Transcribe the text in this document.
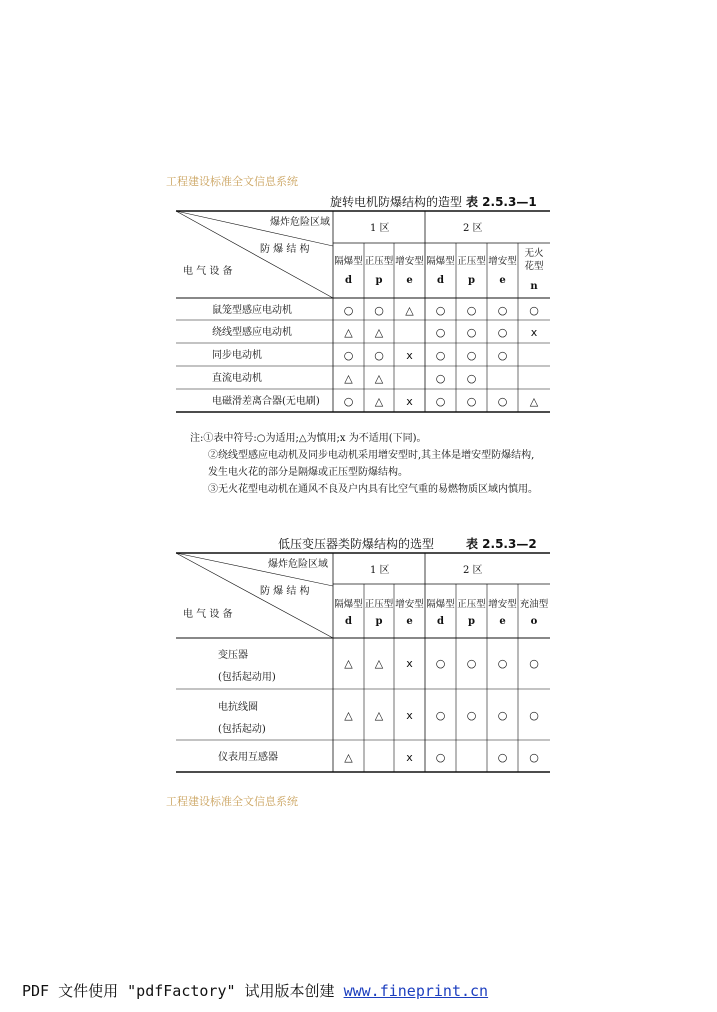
工程建设标准全文信息系统
工程建设标准全文信息系统
旋转电机防爆结构的造型 表 2.5.3—1
爆炸危险区域
防 爆 结 构
电 气 设 备
1 区	2 区
隔爆型 正压型 增安型 隔爆型 正压型 增安型
无火花型
d p e d p e
n
鼠笼型感应电动机	○ ○ △ ○ ○ ○ ○
绕线型感应电动机	△ △	○ ○ ○ x
同步电动机	○ ○ x ○ ○ ○
直流电动机	△ △	○ ○
电磁滑差离合器(无电刷) ○ △ x ○ ○ ○ △
注:①表中符号:○为适用;△为慎用;x 为不适用(下同)。
②绕线型感应电动机及同步电动机采用增安型时,其主体是增安型防爆结构,
发生电火花的部分是隔爆或正压型防爆结构。
③无火花型电动机在通风不良及户内具有比空气重的易燃物质区域内慎用。
低压变压器类防爆结构的选型	表 2.5.3—2
爆炸危险区域
防 爆 结 构
电 气 设 备
1 区	2 区
隔爆型 正压型 增安型 隔爆型 正压型 增安型 充油型
d p e d p e o
变压器
(包括起动用)
△ △ x ○ ○ ○ ○
电抗线圈
(包括起动)
△ △ x ○ ○ ○ ○
仪表用互感器	△	x ○	○ ○
PDF 文件使用 "pdfFactory" 试用版本创建 www.fineprint.cn
